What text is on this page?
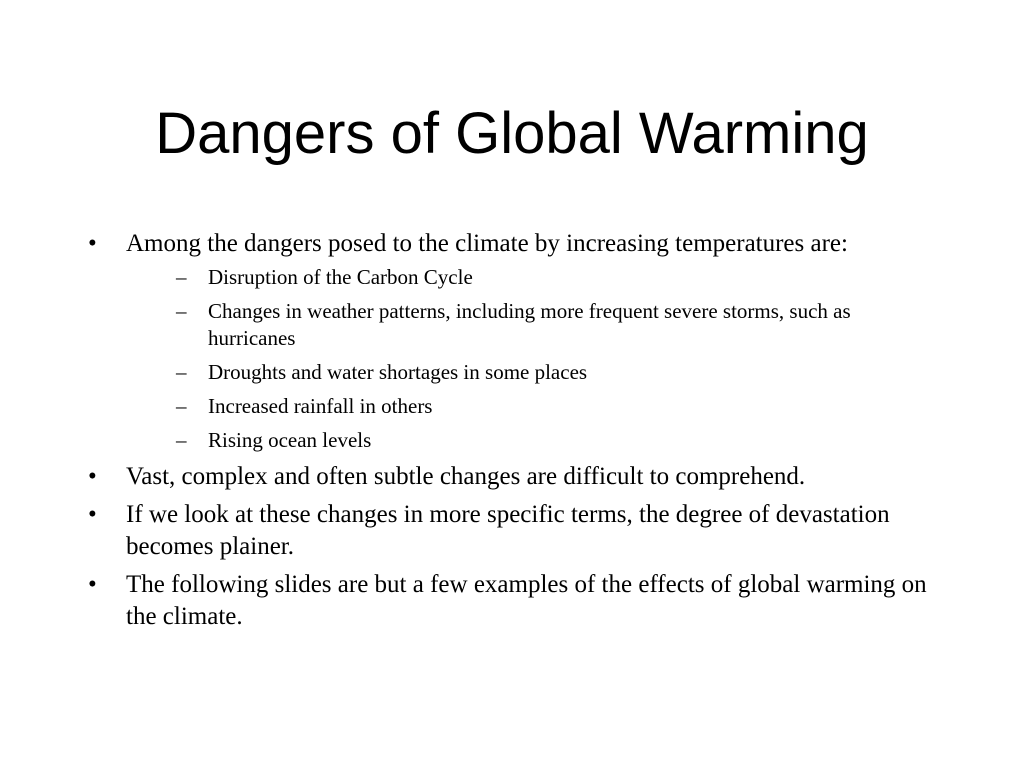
Dangers of Global Warming
• Among the dangers posed to the climate by increasing temperatures are:
– Disruption of the Carbon Cycle
– Changes in weather patterns, including more frequent severe storms, such as hurricanes
– Droughts and water shortages in some places
– Increased rainfall in others
– Rising ocean levels
• Vast, complex and often subtle changes are difficult to comprehend.
• If we look at these changes in more specific terms, the degree of devastation becomes plainer.
• The following slides are but a few examples of the effects of global warming on the climate.
